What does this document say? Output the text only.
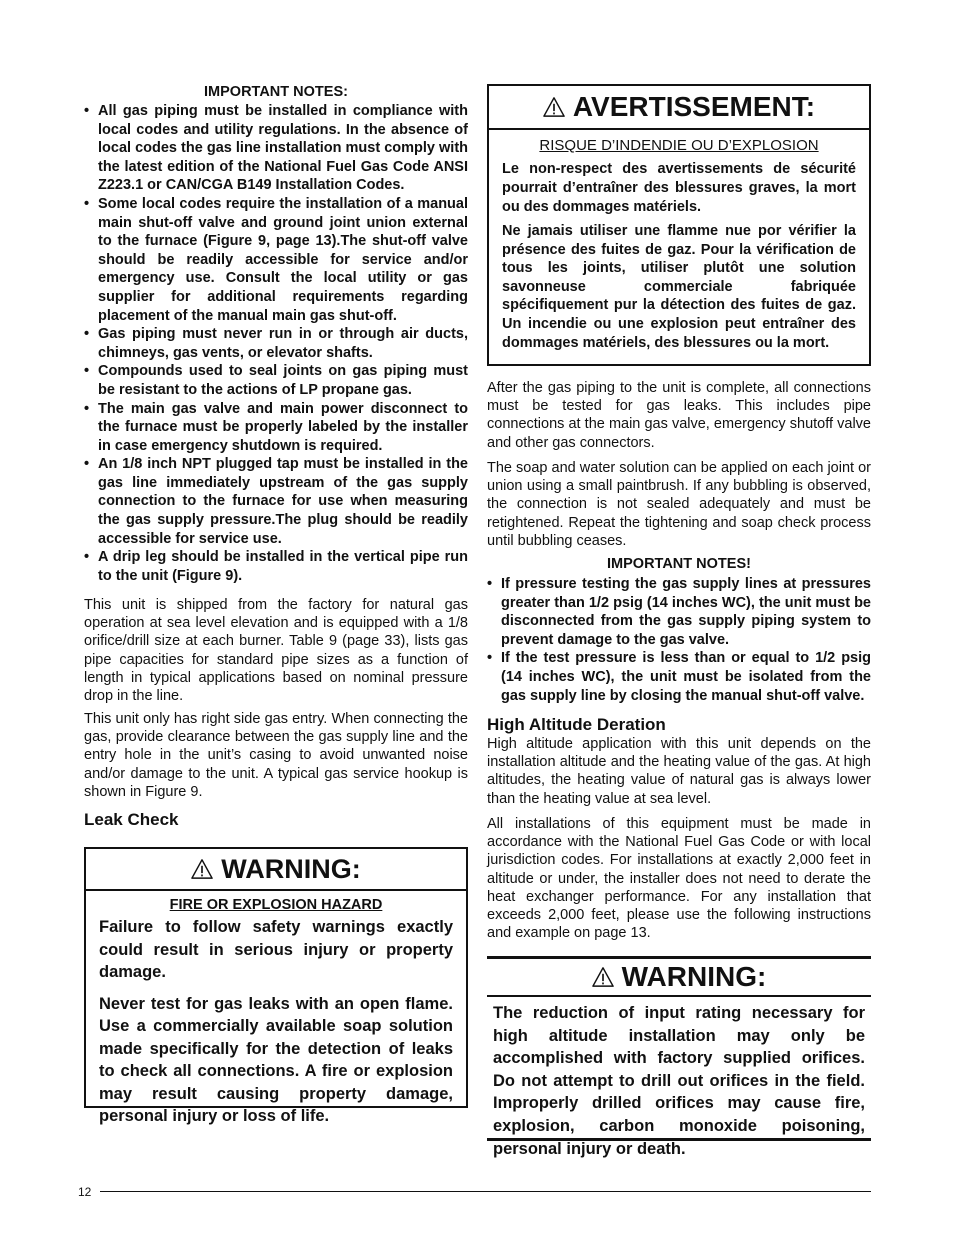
IMPORTANT NOTES:
• All gas piping must be installed in compliance with local codes and utility regulations. In the absence of local codes the gas line installation must comply with the latest edition of the National Fuel Gas Code ANSI Z223.1 or CAN/CGA B149 Installation Codes.
• Some local codes require the installation of a manual main shut-off valve and ground joint union external to the furnace (Figure 9, page 13).The shut-off valve should be readily accessible for service and/or emergency use. Consult the local utility or gas supplier for additional requirements regarding placement of the manual main gas shut-off.
• Gas piping must never run in or through air ducts, chimneys, gas vents, or elevator shafts.
• Compounds used to seal joints on gas piping must be resistant to the actions of LP propane gas.
• The main gas valve and main power disconnect to the furnace must be properly labeled by the installer in case emergency shutdown is required.
• An 1/8 inch NPT plugged tap must be installed in the gas line immediately upstream of the gas supply connection to the furnace for use when measuring the gas supply pressure.The plug should be readily accessible for service use.
• A drip leg should be installed in the vertical pipe run to the unit (Figure 9).

This unit is shipped from the factory for natural gas operation at sea level elevation and is equipped with a 1/8 orifice/drill size at each burner. Table 9 (page 33), lists gas pipe capacities for standard pipe sizes as a function of length in typical applications based on nominal pressure drop in the line.

This unit only has right side gas entry. When connecting the gas, provide clearance between the gas supply line and the entry hole in the unit’s casing to avoid unwanted noise and/or damage to the unit. A typical gas service hookup is shown in Figure 9.

Leak Check
WARNING:
FIRE OR EXPLOSION HAZARD

Failure to follow safety warnings exactly could result in serious injury or property damage.

Never test for gas leaks with an open flame. Use a commercially available soap solution made specifically for the detection of leaks to check all connections. A fire or explosion may result causing property damage, personal injury or loss of life.

AVERTISSEMENT:
RISQUE D’INDENDIE OU D’EXPLOSION

Le non-respect des avertissements de sécurité pourrait d’entraîner des blessures graves, la mort ou des dommages matériels.

Ne jamais utiliser une flamme nue por vérifier la présence des fuites de gaz. Pour la vérification de tous les joints, utiliser plutôt une solution savonneuse commerciale fabriquée spécifiquement pur la détection des fuites de gaz. Un incendie ou une explosion peut entraîner des dommages matériels, des blessures ou la mort.

After the gas piping to the unit is complete, all connections must be tested for gas leaks. This includes pipe connections at the main gas valve, emergency shutoff valve and other gas connectors.

The soap and water solution can be applied on each joint or union using a small paintbrush. If any bubbling is observed, the connection is not sealed adequately and must be retightened. Repeat the tightening and soap check process until bubbling ceases.

IMPORTANT NOTES!
• If pressure testing the gas supply lines at pressures greater than 1/2 psig (14 inches WC), the unit must be disconnected from the gas supply piping system to prevent damage to the gas valve.
• If the test pressure is less than or equal to 1/2 psig (14 inches WC), the unit must be isolated from the gas supply line by closing the manual shut-off valve.
High Altitude Deration

High altitude application with this unit depends on the installation altitude and the heating value of the gas. At high altitudes, the heating value of natural gas is always lower than the heating value at sea level.

All installations of this equipment must be made in accordance with the National Fuel Gas Code or with local jurisdiction codes. For installations at exactly 2,000 feet in altitude or under, the installer does not need to derate the heat exchanger performance. For any installation that exceeds 2,000 feet, please use the following instructions and example on page 13.

WARNING:

The reduction of input rating necessary for high altitude installation may only be accomplished with factory supplied orifices. Do not attempt to drill out orifices in the field. Improperly drilled orifices may cause fire, explosion, carbon monoxide poisoning, personal injury or death.

12
